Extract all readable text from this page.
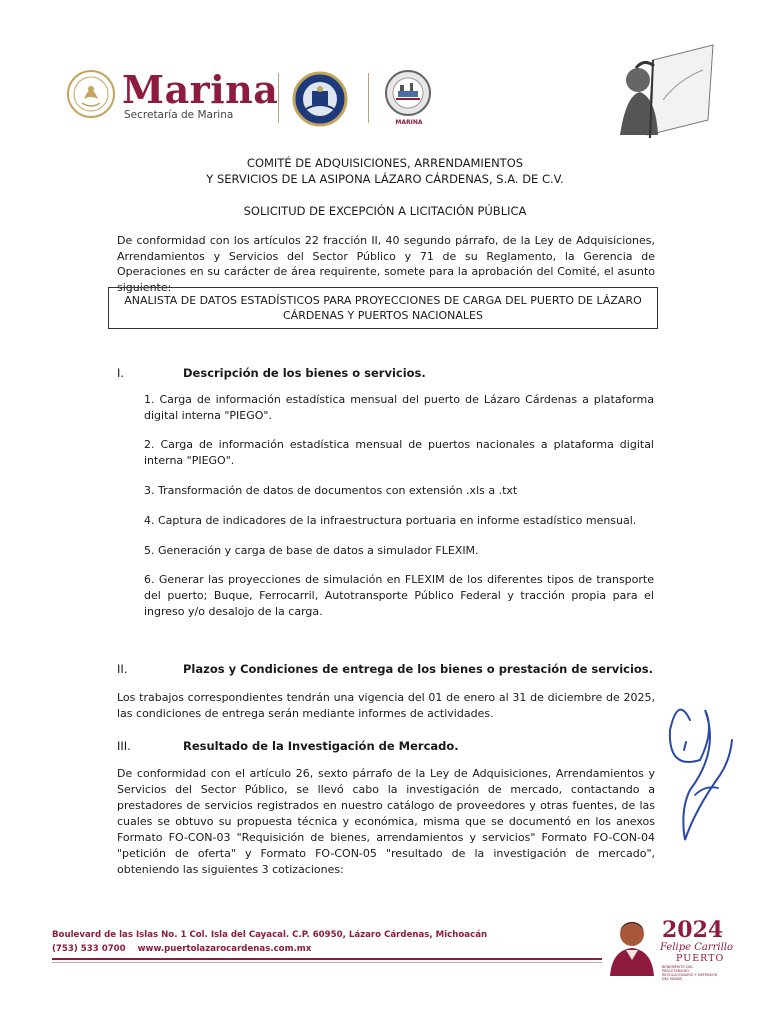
Marina
Secretaría de Marina
MARINA
COMITÉ DE ADQUISICIONES, ARRENDAMIENTOS
Y SERVICIOS DE LA ASIPONA LÁZARO CÁRDENAS, S.A. DE C.V.
SOLICITUD DE EXCEPCIÓN A LICITACIÓN PÚBLICA
De conformidad con los artículos 22 fracción II, 40 segundo párrafo, de la Ley de Adquisiciones, Arrendamientos y Servicios del Sector Público y 71 de su Reglamento, la Gerencia de Operaciones en su carácter de área requirente, somete para la aprobación del Comité, el asunto siguiente:
ANALISTA DE DATOS ESTADÍSTICOS PARA PROYECCIONES DE CARGA DEL PUERTO DE LÁZARO
CÁRDENAS Y PUERTOS NACIONALES
I.	Descripción de los bienes o servicios.
1. Carga de información estadística mensual del puerto de Lázaro Cárdenas a plataforma digital interna "PIEGO".
2. Carga de información estadística mensual de puertos nacionales a plataforma digital interna "PIEGO".
3. Transformación de datos de documentos con extensión .xls a .txt
4. Captura de indicadores de la infraestructura portuaria en informe estadístico mensual.
5. Generación y carga de base de datos a simulador FLEXIM.
6. Generar las proyecciones de simulación en FLEXIM de los diferentes tipos de transporte del puerto; Buque, Ferrocarril, Autotransporte Público Federal y tracción propia para el ingreso y/o desalojo de la carga.
II.	Plazos y Condiciones de entrega de los bienes o prestación de servicios.
Los trabajos correspondientes tendrán una vigencia del 01 de enero al 31 de diciembre de 2025, las condiciones de entrega serán mediante informes de actividades.
III.	Resultado de la Investigación de Mercado.
De conformidad con el artículo 26, sexto párrafo de la Ley de Adquisiciones, Arrendamientos y Servicios del Sector Público, se llevó cabo la investigación de mercado, contactando a prestadores de servicios registrados en nuestro catálogo de proveedores y otras fuentes, de las cuales se obtuvo su propuesta técnica y económica, misma que se documentó en los anexos Formato FO-CON-03 "Requisición de bienes, arrendamientos y servicios" Formato FO-CON-04 "petición de oferta" y Formato FO-CON-05 "resultado de la investigación de mercado", obteniendo las siguientes 3 cotizaciones:
Boulevard de las Islas No. 1 Col. Isla del Cayacal. C.P. 60950, Lázaro Cárdenas, Michoacán
(753) 533 0700 www.puertolazarocardenas.com.mx
2024
Felipe Carrillo
PUERTO
BENEMÉRITO DEL PROLETARIADO, REVOLUCIONARIO Y DEFENSOR DEL MAYAB
